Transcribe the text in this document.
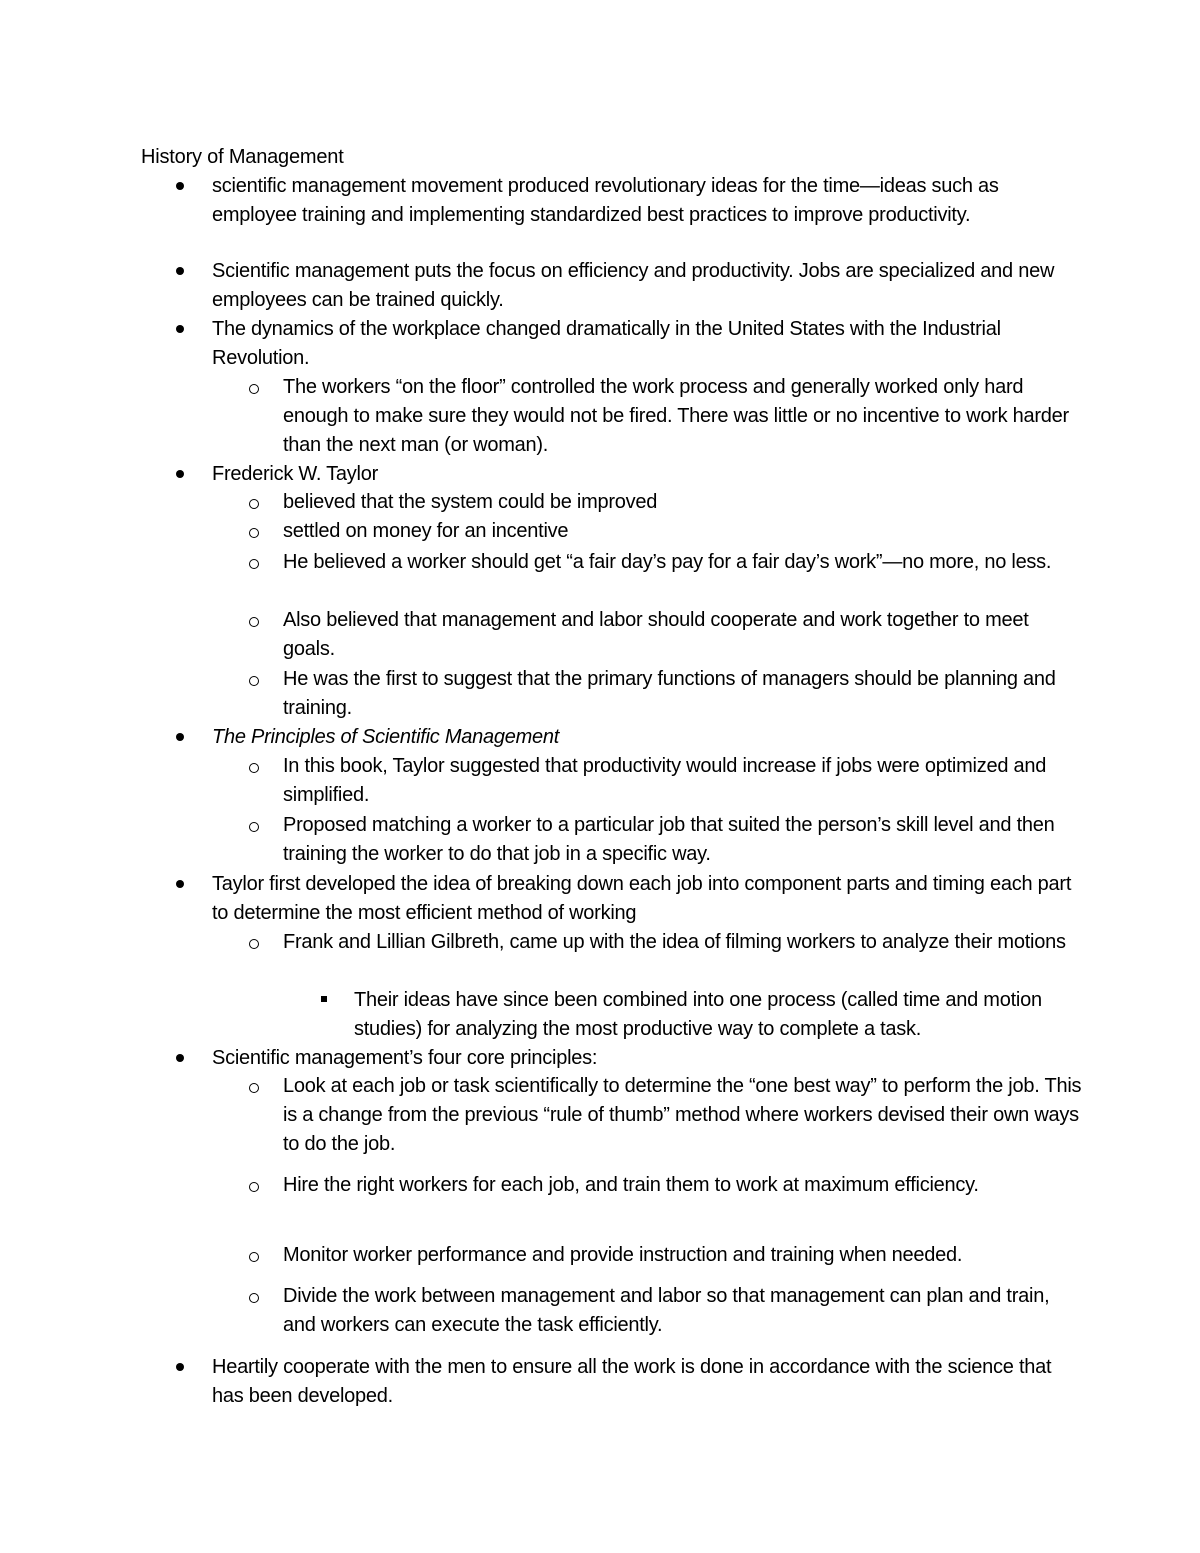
History of Management
scientific management movement produced revolutionary ideas for the time—ideas such as employee training and implementing standardized best practices to improve productivity.
Scientific management puts the focus on efficiency and productivity. Jobs are specialized and new employees can be trained quickly.
The dynamics of the workplace changed dramatically in the United States with the Industrial Revolution.
The workers “on the floor” controlled the work process and generally worked only hard enough to make sure they would not be fired. There was little or no incentive to work harder than the next man (or woman).
Frederick W. Taylor
believed that the system could be improved
settled on money for an incentive
He believed a worker should get “a fair day’s pay for a fair day’s work”—no more, no less.
Also believed that management and labor should cooperate and work together to meet goals.
He was the first to suggest that the primary functions of managers should be planning and training.
The Principles of Scientific Management
In this book, Taylor suggested that productivity would increase if jobs were optimized and simplified.
Proposed matching a worker to a particular job that suited the person’s skill level and then training the worker to do that job in a specific way.
Taylor first developed the idea of breaking down each job into component parts and timing each part to determine the most efficient method of working
Frank and Lillian Gilbreth, came up with the idea of filming workers to analyze their motions
Their ideas have since been combined into one process (called time and motion studies) for analyzing the most productive way to complete a task.
Scientific management’s four core principles:
Look at each job or task scientifically to determine the “one best way” to perform the job. This is a change from the previous “rule of thumb” method where workers devised their own ways to do the job.
Hire the right workers for each job, and train them to work at maximum efficiency.
Monitor worker performance and provide instruction and training when needed.
Divide the work between management and labor so that management can plan and train, and workers can execute the task efficiently.
Heartily cooperate with the men to ensure all the work is done in accordance with the science that has been developed.
